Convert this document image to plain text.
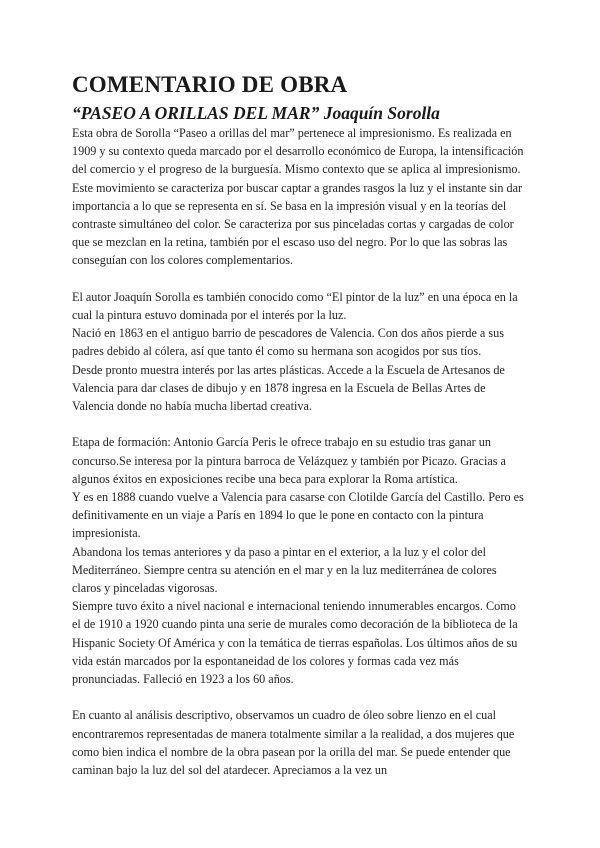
COMENTARIO DE OBRA
“PASEO A ORILLAS DEL MAR” Joaquín Sorolla

Esta obra de Sorolla “Paseo a orillas del mar” pertenece al impresionismo. Es realizada en 1909 y su contexto queda marcado por el desarrollo económico de Europa, la intensificación del comercio y el progreso de la burguesía. Mismo contexto que se aplica al impresionismo. Este movimiento se caracteriza por buscar captar a grandes rasgos la luz y el instante sin dar importancia a lo que se representa en sí. Se basa en la impresión visual y en la teorías del contraste simultáneo del color. Se caracteriza por sus pinceladas cortas y cargadas de color que se mezclan en la retina, también por el escaso uso del negro. Por lo que las sobras las conseguían con los colores complementarios.

El autor Joaquín Sorolla es también conocido como “El pintor de la luz” en una época en la cual la pintura estuvo dominada por el interés por la luz.

Nació en 1863 en el antiguo barrio de pescadores de Valencia. Con dos años pierde a sus padres debido al cólera, así que tanto él como su hermana son acogidos por sus tíos.

Desde pronto muestra interés por las artes plásticas. Accede a la Escuela de Artesanos de Valencia para dar clases de dibujo y en 1878 ingresa en la Escuela de Bellas Artes de Valencia donde no había mucha libertad creativa.

Etapa de formación: Antonio García Peris le ofrece trabajo en su estudio tras ganar un concurso.Se interesa por la pintura barroca de Velázquez y también por Picazo. Gracias a algunos éxitos en exposiciones recibe una beca para explorar la Roma artística.

Y es en 1888 cuando vuelve a Valencia para casarse con Clotilde García del Castillo. Pero es definitivamente en un viaje a París en 1894 lo que le pone en contacto con la pintura impresionista.

Abandona los temas anteriores y da paso a pintar en el exterior, a la luz y el color del Mediterráneo. Siempre centra su atención en el mar y en la luz mediterránea de colores claros y pinceladas vigorosas.

Siempre tuvo éxito a nivel nacional e internacional teniendo innumerables encargos. Como el de 1910 a 1920 cuando pinta una serie de murales como decoración de la biblioteca de la Hispanic Society Of América y con la temática de tierras españolas. Los últimos años de su vida están marcados por la espontaneidad de los colores y formas cada vez más pronunciadas. Falleció en 1923 a los 60 años.

En cuanto al análisis descriptivo, observamos un cuadro de óleo sobre lienzo en el cual encontraremos representadas de manera totalmente similar a la realidad, a dos mujeres que como bien indica el nombre de la obra pasean por la orilla del mar. Se puede entender que caminan bajo la luz del sol del atardecer. Apreciamos a la vez un
